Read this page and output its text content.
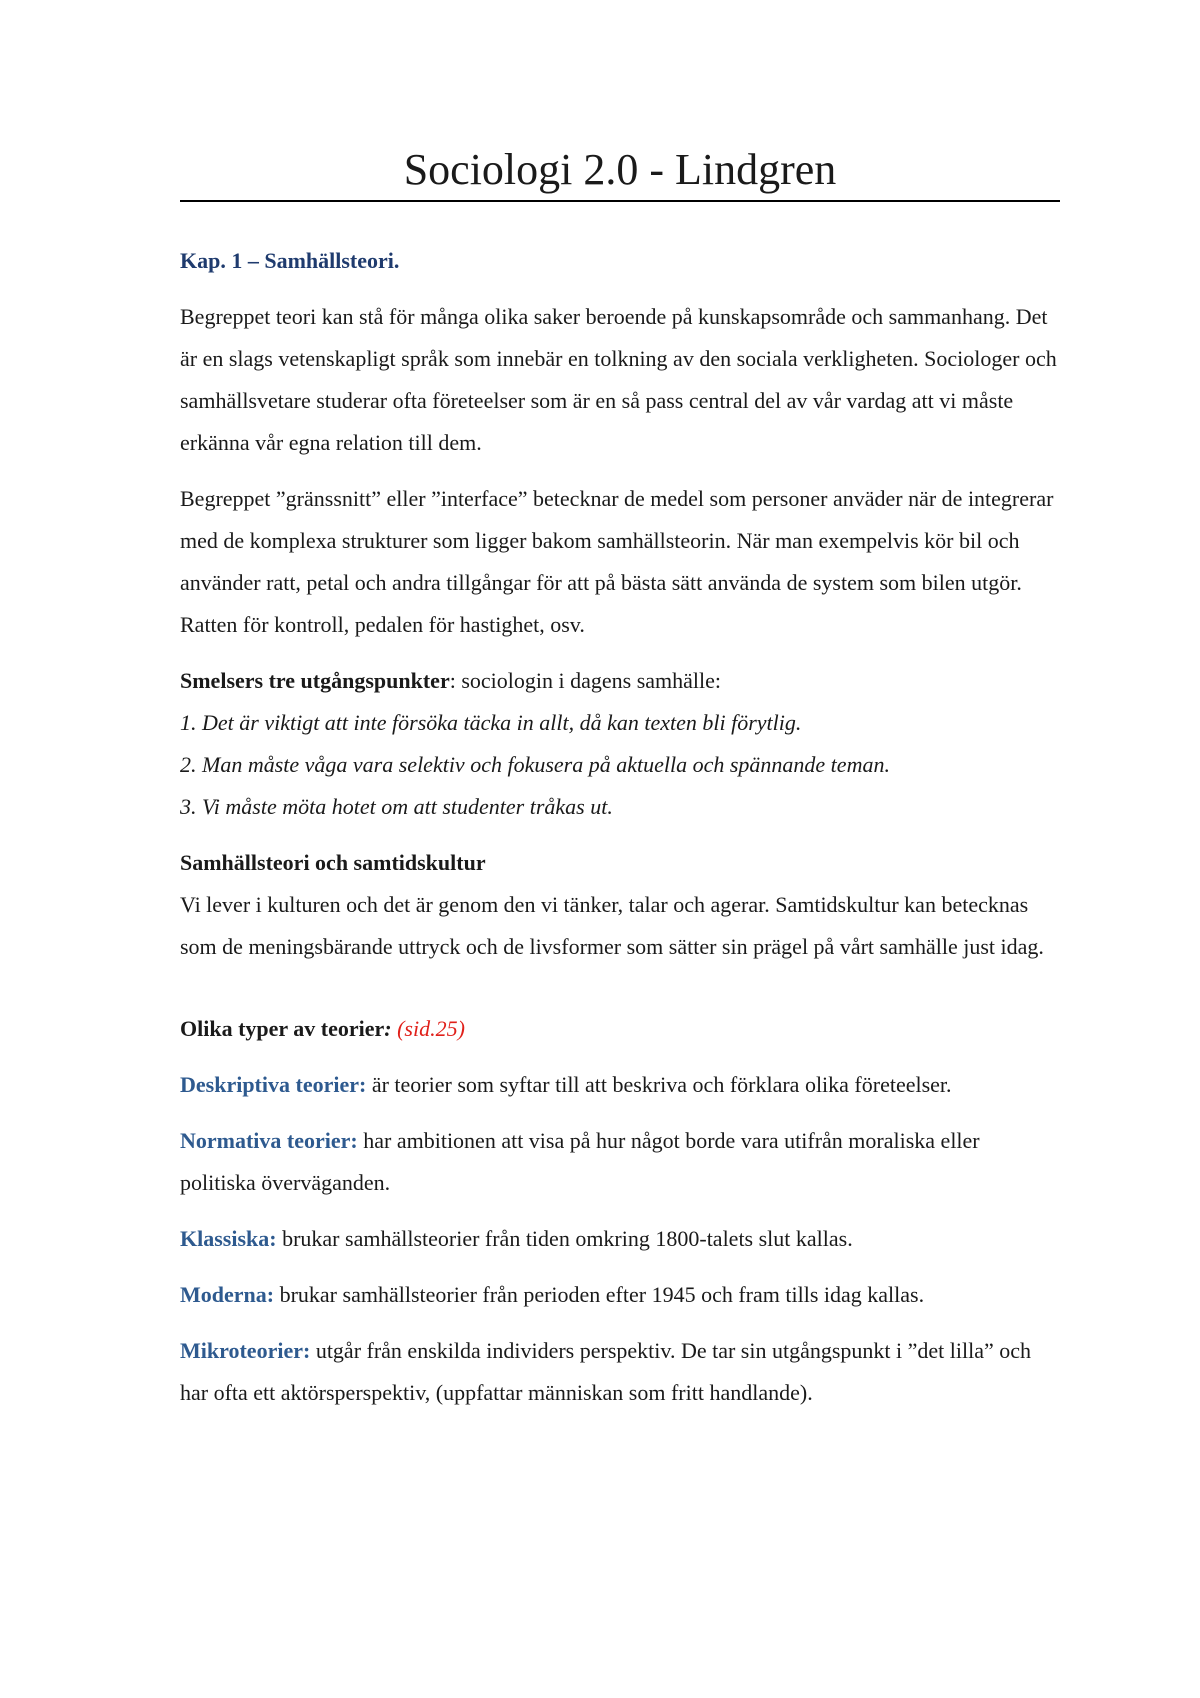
Sociologi 2.0 - Lindgren

Kap. 1 – Samhällsteori.

Begreppet teori kan stå för många olika saker beroende på kunskapsområde och sammanhang. Det är en slags vetenskapligt språk som innebär en tolkning av den sociala verkligheten. Sociologer och samhällsvetare studerar ofta företeelser som är en så pass central del av vår vardag att vi måste erkänna vår egna relation till dem.

Begreppet ”gränssnitt” eller ”interface” betecknar de medel som personer anväder när de integrerar med de komplexa strukturer som ligger bakom samhällsteorin. När man exempelvis kör bil och använder ratt, petal och andra tillgångar för att på bästa sätt använda de system som bilen utgör. Ratten för kontroll, pedalen för hastighet, osv.

Smelsers tre utgångspunkter: sociologin i dagens samhälle:

1. Det är viktigt att inte försöka täcka in allt, då kan texten bli förytlig.

2. Man måste våga vara selektiv och fokusera på aktuella och spännande teman.

3. Vi måste möta hotet om att studenter tråkas ut.

Samhällsteori och samtidskultur

Vi lever i kulturen och det är genom den vi tänker, talar och agerar. Samtidskultur kan betecknas som de meningsbärande uttryck och de livsformer som sätter sin prägel på vårt samhälle just idag.

Olika typer av teorier: (sid.25)

Deskriptiva teorier: är teorier som syftar till att beskriva och förklara olika företeelser.

Normativa teorier: har ambitionen att visa på hur något borde vara utifrån moraliska eller politiska överväganden.

Klassiska: brukar samhällsteorier från tiden omkring 1800-talets slut kallas.

Moderna: brukar samhällsteorier från perioden efter 1945 och fram tills idag kallas.

Mikroteorier: utgår från enskilda individers perspektiv. De tar sin utgångspunkt i ”det lilla” och har ofta ett aktörsperspektiv, (uppfattar människan som fritt handlande).
